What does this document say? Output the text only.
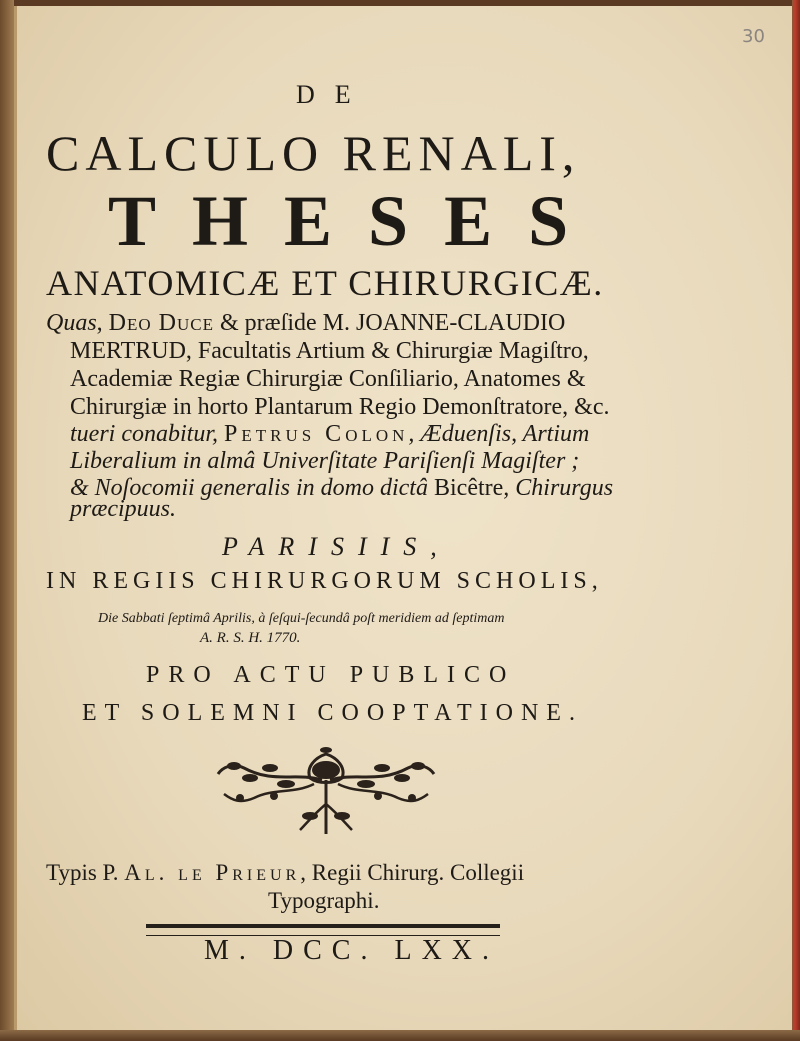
30

DE

CALCULO RENALI,

THESES

ANATOMICÆ ET CHIRURGICÆ.

Quas, Deo Duce & præſide M. JOANNE-CLAUDIO

MERTRUD, Facultatis Artium & Chirurgiæ Magiſtro,

Academiæ Regiæ Chirurgiæ Conſiliario, Anatomes &

Chirurgiæ in horto Plantarum Regio Demonſtratore, &c.

tueri conabitur, Petrus Colon, Æduenſis, Artium

Liberalium in almâ Univerſitate Pariſienſi Magiſter ;

& Noſocomii generalis in domo dictâ Bicêtre, Chirurgus

præcipuus.

PARISIIS,

IN REGIIS CHIRURGORUM SCHOLIS,

Die Sabbati ſeptimâ Aprilis, à ſeſqui-ſecundâ poſt meridiem ad ſeptimam

A. R. S. H. 1770.

PRO ACTU PUBLICO

ET SOLEMNI COOPTATIONE.

Typis P. Al. le Prieur, Regii Chirurg. Collegii

Typographi.

M. DCC. LXX.
